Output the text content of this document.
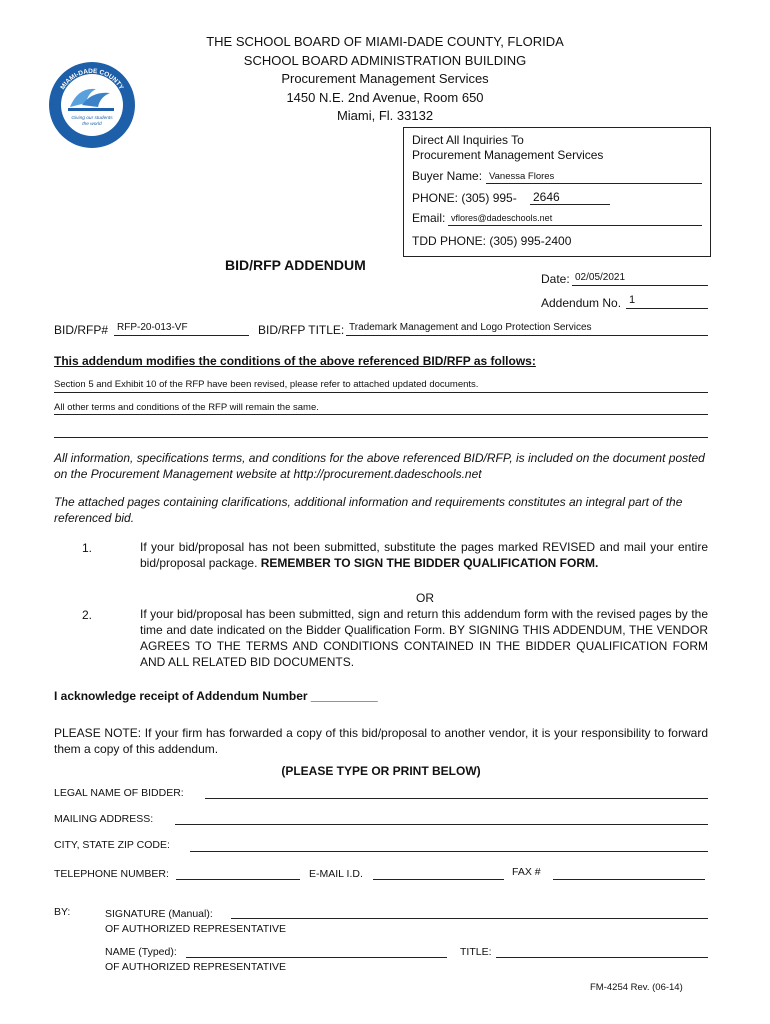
THE SCHOOL BOARD OF MIAMI-DADE COUNTY, FLORIDA
SCHOOL BOARD ADMINISTRATION BUILDING
Procurement Management Services
1450 N.E. 2nd Avenue, Room 650
Miami, Fl. 33132
MIAMI-DADE COUNTY
PUBLIC SCHOOLS
Giving our students
the world
Direct All Inquiries To
Procurement Management Services
Buyer Name: Vanessa Flores
PHONE: (305) 995- 2646
Email: vflores@dadeschools.net
TDD PHONE: (305) 995-2400
BID/RFP ADDENDUM
Date: 02/05/2021
Addendum No. 1
BID/RFP# RFP-20-013-VF	BID/RFP TITLE: Trademark Management and Logo Protection Services
This addendum modifies the conditions of the above referenced BID/RFP as follows:
Section 5 and Exhibit 10 of the RFP have been revised, please refer to attached updated documents.
All other terms and conditions of the RFP will remain the same.
All information, specifications terms, and conditions for the above referenced BID/RFP, is included on the document posted on the Procurement Management website at http://procurement.dadeschools.net
The attached pages containing clarifications, additional information and requirements constitutes an integral part of the referenced bid.
1.	If your bid/proposal has not been submitted, substitute the pages marked REVISED and mail your entire bid/proposal package. REMEMBER TO SIGN THE BIDDER QUALIFICATION FORM.
OR
2.	If your bid/proposal has been submitted, sign and return this addendum form with the revised pages by the time and date indicated on the Bidder Qualification Form. BY SIGNING THIS ADDENDUM, THE VENDOR AGREES TO THE TERMS AND CONDITIONS CONTAINED IN THE BIDDER QUALIFICATION FORM AND ALL RELATED BID DOCUMENTS.
I acknowledge receipt of Addendum Number __________
PLEASE NOTE: If your firm has forwarded a copy of this bid/proposal to another vendor, it is your responsibility to forward them a copy of this addendum.
(PLEASE TYPE OR PRINT BELOW)
LEGAL NAME OF BIDDER:
MAILING ADDRESS:
CITY, STATE ZIP CODE:
TELEPHONE NUMBER:	E-MAIL I.D.	FAX #
BY:	SIGNATURE (Manual):
OF AUTHORIZED REPRESENTATIVE
NAME (Typed):
OF AUTHORIZED REPRESENTATIVE
TITLE:
FM-4254 Rev. (06-14)
